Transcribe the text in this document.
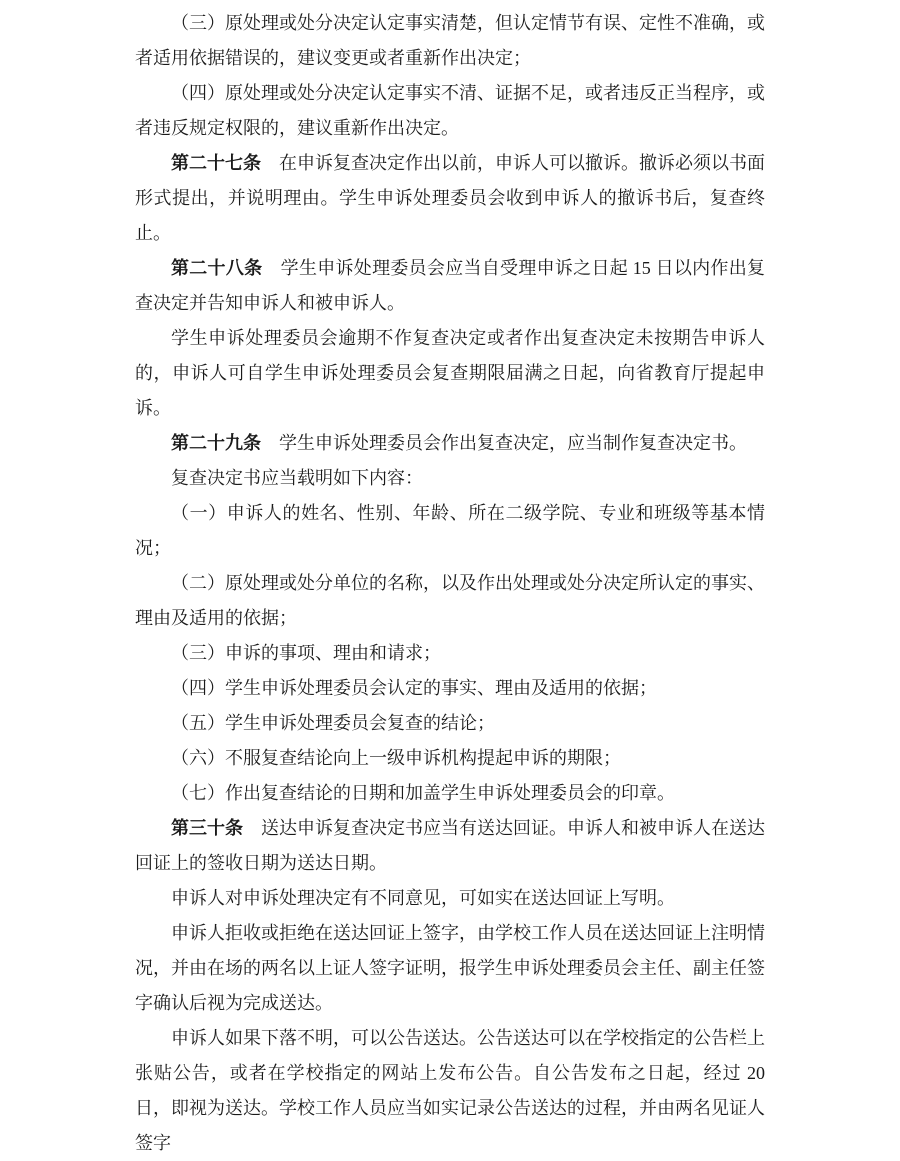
（三）原处理或处分决定认定事实清楚，但认定情节有误、定性不准确，或者适用依据错误的，建议变更或者重新作出决定；

（四）原处理或处分决定认定事实不清、证据不足，或者违反正当程序，或者违反规定权限的，建议重新作出决定。

第二十七条　在申诉复查决定作出以前，申诉人可以撤诉。撤诉必须以书面形式提出，并说明理由。学生申诉处理委员会收到申诉人的撤诉书后，复查终止。

第二十八条　学生申诉处理委员会应当自受理申诉之日起 15 日以内作出复查决定并告知申诉人和被申诉人。

学生申诉处理委员会逾期不作复查决定或者作出复查决定未按期告申诉人的，申诉人可自学生申诉处理委员会复查期限届满之日起，向省教育厅提起申诉。

第二十九条　学生申诉处理委员会作出复查决定，应当制作复查决定书。

复查决定书应当载明如下内容：

（一）申诉人的姓名、性别、年龄、所在二级学院、专业和班级等基本情况；

（二）原处理或处分单位的名称，以及作出处理或处分决定所认定的事实、理由及适用的依据；

（三）申诉的事项、理由和请求；

（四）学生申诉处理委员会认定的事实、理由及适用的依据；

（五）学生申诉处理委员会复查的结论；

（六）不服复查结论向上一级申诉机构提起申诉的期限；

（七）作出复查结论的日期和加盖学生申诉处理委员会的印章。

第三十条　送达申诉复查决定书应当有送达回证。申诉人和被申诉人在送达回证上的签收日期为送达日期。

申诉人对申诉处理决定有不同意见，可如实在送达回证上写明。

申诉人拒收或拒绝在送达回证上签字，由学校工作人员在送达回证上注明情况，并由在场的两名以上证人签字证明，报学生申诉处理委员会主任、副主任签字确认后视为完成送达。

申诉人如果下落不明，可以公告送达。公告送达可以在学校指定的公告栏上张贴公告，或者在学校指定的网站上发布公告。自公告发布之日起，经过 20 日，即视为送达。学校工作人员应当如实记录公告送达的过程，并由两名见证人签字
